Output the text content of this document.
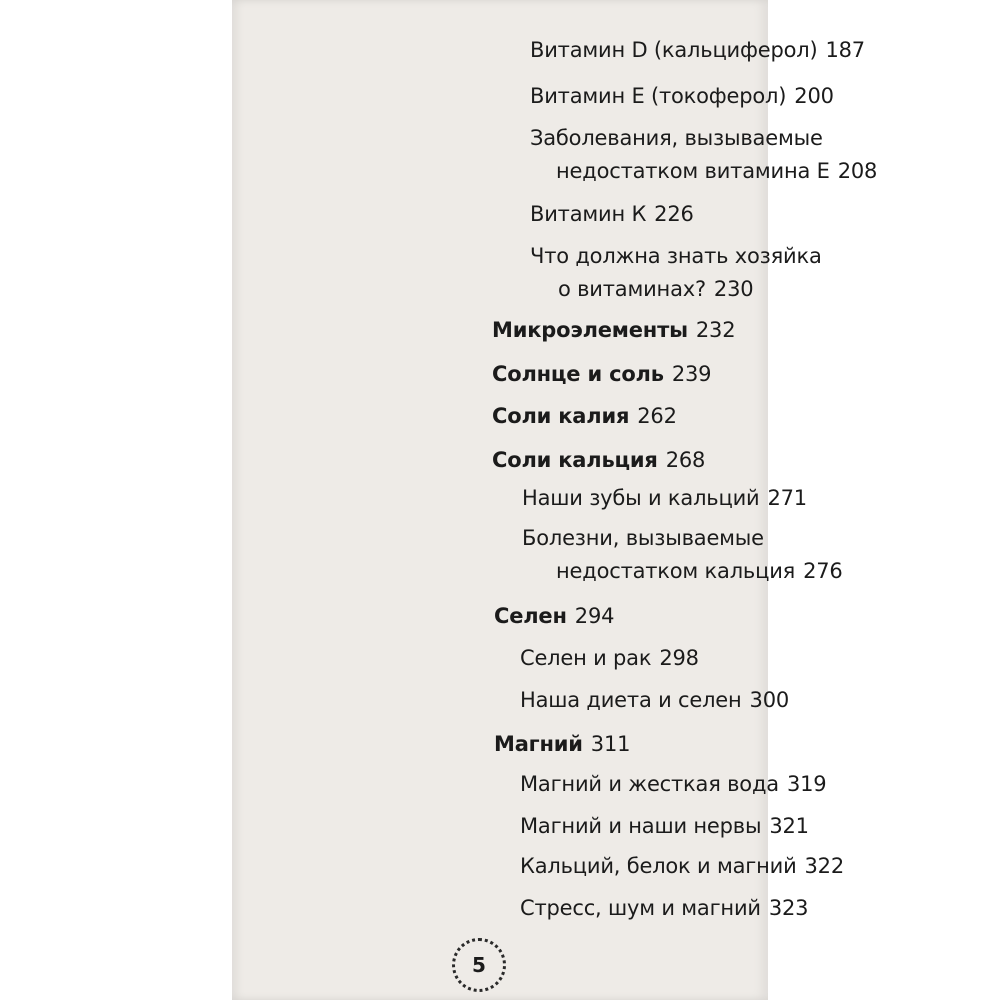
Витамин D (кальциферол) 187
Витамин Е (токоферол) 200
Заболевания, вызываемые
недостатком витамина Е 208
Витамин К 226
Что должна знать хозяйка
о витаминах? 230
Микроэлементы 232
Солнце и соль 239
Соли калия 262
Соли кальция 268
Наши зубы и кальций 271
Болезни, вызываемые
недостатком кальция 276
Селен 294
Селен и рак 298
Наша диета и селен 300
Магний 311
Магний и жесткая вода 319
Магний и наши нервы 321
Кальций, белок и магний 322
Стресс, шум и магний 323
5
